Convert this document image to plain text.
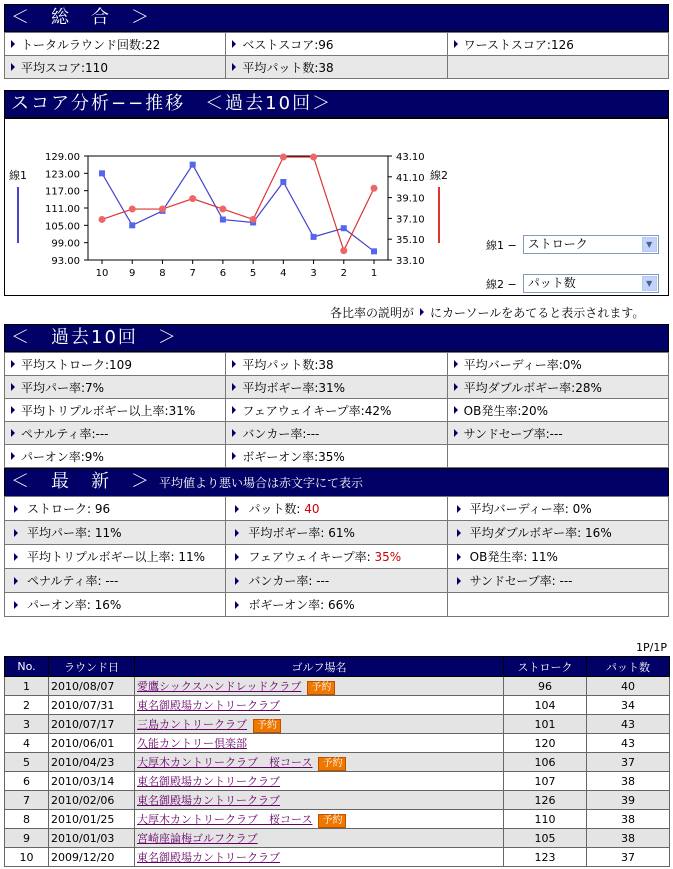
＜　総　合　＞
トータルラウンド回数:22	ベストスコア:96	ワーストスコア:126
平均スコア:110	平均パット数:38	
スコア分析−−推移　＜過去10回＞
線1	線2
129.00
123.00
117.00
111.00
105.00
99.00
93.00
43.10
41.10
39.10
37.10
35.10
33.10
10 9 8 7 6 5 4 3 2 1
線1 − ストローク	▼
線2 − パット数	▼
各比率の説明が にカーソールをあてると表示されます。
＜　過去10回　＞
平均ストローク:109	平均パット数:38	平均バーディー率:0%
平均パー率:7%	平均ボギー率:31%	平均ダブルボギー率:28%
平均トリプルボギー以上率:31%	フェアウェイキープ率:42%	OB発生率:20%
ペナルティ率:---	バンカー率:---	サンドセーブ率:---
パーオン率:9%	ボギーオン率:35%	
＜　最　新　＞ 平均値より悪い場合は赤文字にて表示
ストローク: 96	パット数: 40	平均バーディー率: 0%
平均パー率: 11%	平均ボギー率: 61%	平均ダブルボギー率: 16%
平均トリプルボギー以上率: 11%	フェアウェイキープ率: 35%	OB発生率: 11%
ペナルティ率: ---	バンカー率: ---	サンドセーブ率: ---
パーオン率: 16%	ボギーオン率: 66%	
1P/1P
No.	ラウンド日	ゴルフ場名	ストローク	パット数
1	2010/08/07	愛鷹シックスハンドレッドクラブ 予約	96	40
2	2010/07/31	東名御殿場カントリークラブ	104	34
3	2010/07/17	三島カントリークラブ 予約	101	43
4	2010/06/01	久能カントリー倶楽部	120	43
5	2010/04/23	大厚木カントリークラブ　桜コース 予約	106	37
6	2010/03/14	東名御殿場カントリークラブ	107	38
7	2010/02/06	東名御殿場カントリークラブ	126	39
8	2010/01/25	大厚木カントリークラブ　桜コース 予約	110	38
9	2010/01/03	宮崎座論梅ゴルフクラブ	105	38
10	2009/12/20	東名御殿場カントリークラブ	123	37
